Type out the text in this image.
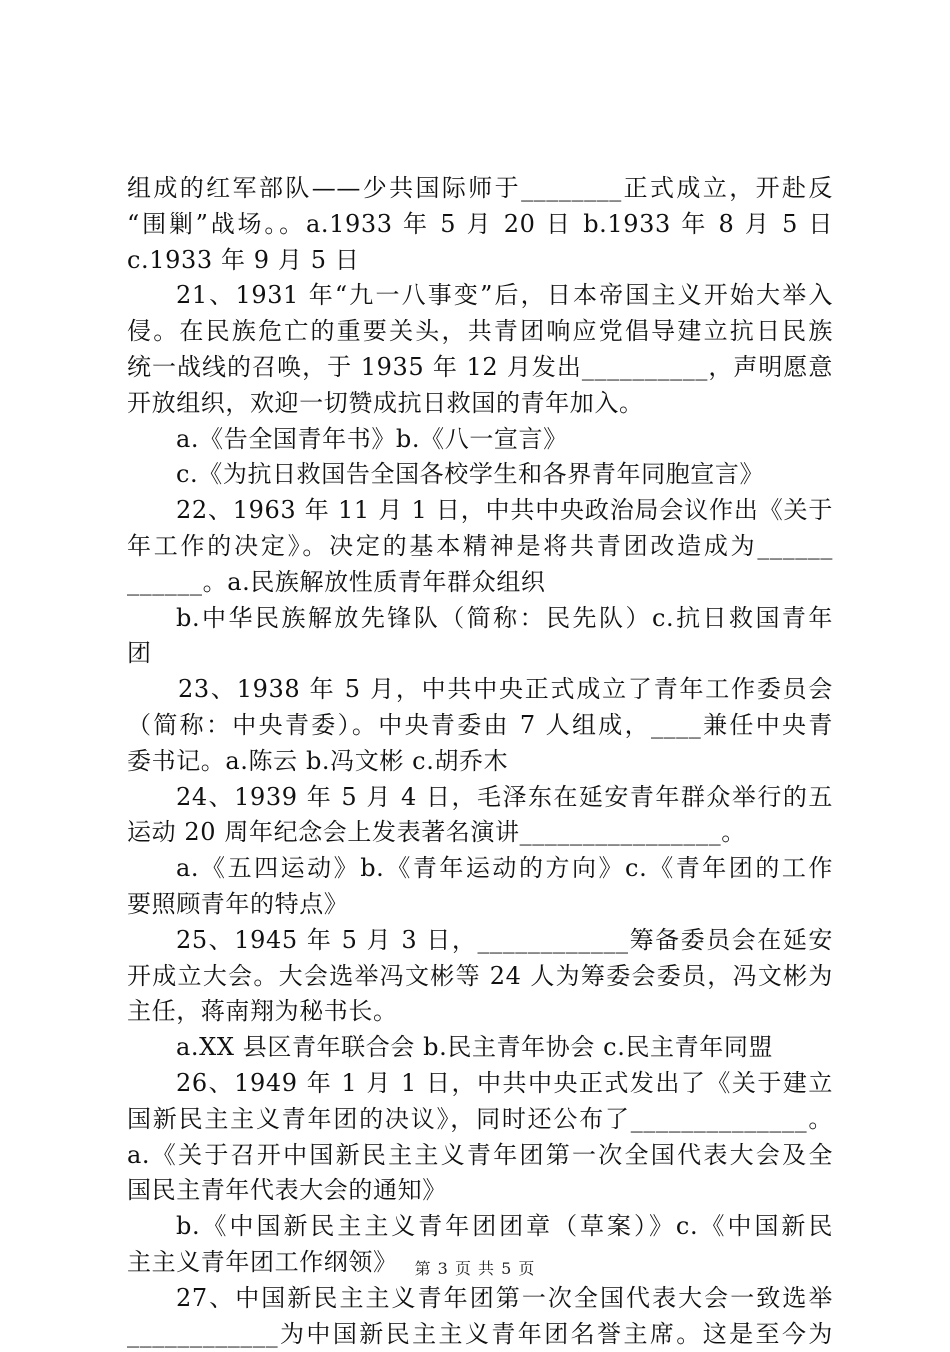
组成的红军部队——少共国际师于________正式成立，开赴反
“围剿”战场。。a.1933 年 5 月 20 日 b.1933 年 8 月 5 日
c.1933 年 9 月 5 日
21、1931 年“九一八事变”后，日本帝国主义开始大举入
侵。在民族危亡的重要关头，共青团响应党倡导建立抗日民族
统一战线的召唤，于 1935 年 12 月发出__________，声明愿意
开放组织，欢迎一切赞成抗日救国的青年加入。
a.《告全国青年书》b.《八一宣言》
c.《为抗日救国告全国各校学生和各界青年同胞宣言》
22、1963 年 11 月 1 日，中共中央政治局会议作出《关于
年工作的决定》。决定的基本精神是将共青团改造成为______
______。a.民族解放性质青年群众组织
b.中华民族解放先锋队（简称：民先队）c.抗日救国青年
团
23、1938 年 5 月，中共中央正式成立了青年工作委员会
（简称：中央青委）。中央青委由 7 人组成，____兼任中央青
委书记。a.陈云 b.冯文彬 c.胡乔木
24、1939 年 5 月 4 日，毛泽东在延安青年群众举行的五
运动 20 周年纪念会上发表著名演讲________________。
a.《五四运动》b.《青年运动的方向》c.《青年团的工作
要照顾青年的特点》
25、1945 年 5 月 3 日，____________筹备委员会在延安
开成立大会。大会选举冯文彬等 24 人为筹委会委员，冯文彬为
主任，蒋南翔为秘书长。
a.XX 县区青年联合会 b.民主青年协会 c.民主青年同盟
26、1949 年 1 月 1 日，中共中央正式发出了《关于建立
国新民主主义青年团的决议》，同时还公布了______________。
a.《关于召开中国新民主主义青年团第一次全国代表大会及全
国民主青年代表大会的通知》
b.《中国新民主主义青年团团章（草案）》c.《中国新民
主主义青年团工作纲领》
27、中国新民主主义青年团第一次全国代表大会一致选举
____________为中国新民主主义青年团名誉主席。这是至今为
第 3 页 共 5 页
